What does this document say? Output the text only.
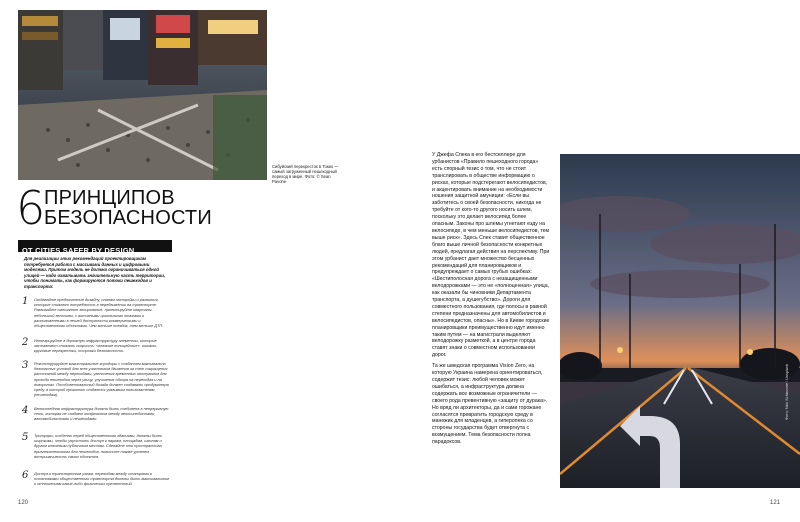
Сибуйский перекресток в Токио — самый загруженный пешеходный переход в мире. Фото: © Sean Pavone
6
ПРИНЦИПОВ
БЕЗОПАСНОСТИ
OT CITIES SAFER BY DESIGN
Для реализации этих рекомендаций проектировщикам потребуется работа с массивами данных и цифровыми моделями. Притом модель не должна ограничиваться одной улицей — надо охватывать значительную часть территории, чтобы понимать, как формируются потоки пешеходов и транспорта:
1 Отдавайте предпочтение дизайну, планам застройки и развития, которые снижают потребность в передвижении на транспорте. Развивайте смешанное зонирование, проектируйте кварталы небольшой величины, с активными цокольными этажами и расположенными в пешей доступности коммерческими и общественными объектами. Чем меньше поездок, тем меньше ДТП.
2 Интегрируйте в дорожную инфраструктуру элементы, которые заставляют снижать скорость: «лежачие полицейские», шиканы, круговые перекрестки, островки безопасности.
3 Реконструируйте магистральные коридоры с созданием максимально безопасных условий для всех участников движения за счет сокращения расстояний между переходами, увеличения временных интервалов для прохода пешеходов через улицу, улучшения обзора на переходах и на поворотах. Пособоветовальный дизайн должен создавать продуманную среду, в которой прокатит отдается уязвимым пользователям (пешеходам).
4 Велосипедная инфраструктура должна быть соединена в непрерывную сеть, которая не создает конфликтов между велосипедистами, автомобилистами и пешеходами.
5 Тротуары, особенно перед общественными зданиями, должны быть широкими, чтобы упростить доступ к паркам, площадям, школам и другим ключевым публичным местам. Сделайте эти пространства привлекательными для пешеходов, повысьте также уровнем восприимчивость самих объектов.
6 Доступ к транспортным узлам, переходам между станциями и остановками общественного транспорта должны быть максимальным и отношениям какие-либо физических препятствий.
120

У Джефа Спека в его бестселлере для урбанистов «Правило пешеходного города» есть спорный тезис о том, что не стоит транслировать в обществе информацию о рисках, которые подстерегают велосипедистов, и акцентировать внимание на необходимости ношения защитной амуниции: «Если вы заботитесь о своей безопасности, никогда не требуйте от кого-то другого носить шлем, поскольку это делает велосипед более опасным. Законы про шлемы угнетают езду на велосипеде, в чем меньше велосипедистов, тем выше риск». Здесь Спек ставит общественное благо выше личной безопасности конкретных людей, предлагая действия на перспективу. При этом урбанист дает множество бесценных рекомендаций для планировщиков и предупреждает о самых грубых ошибках: «Шестиполосная дорога с незащищенными велодорожками — это не «полноценная» улица, как оказали бы чиновники Департамента транспорта, а душегубство». Дороги для совместного пользования, где полосы в равной степени предназначены для автомобилистов и велосипедистов, опасны». Но в Киеве городские планировщики преимущественно идут именно таким путем — на магистрали выделяют велодорожку разметкой, а в центре города ставят знаки о совместном использовании дорог.

Та же шведская программа Vision Zero, на которую Украина намерена ориентироваться, содержит тезис: любой человек может ошибаться, а инфраструктура должна содержать все возможные ограничители — своего рода превентивную «защиту от дурака». Но вряд ли архитекторы, да и сами горожане согласятся превратить городскую среду в манежик для младенцев, а гиперопека со стороны государства будет отвергнута с возмущением. Тема безопасности полна парадоксов.

Фото: Nick Schiavone / Unsplash
121
